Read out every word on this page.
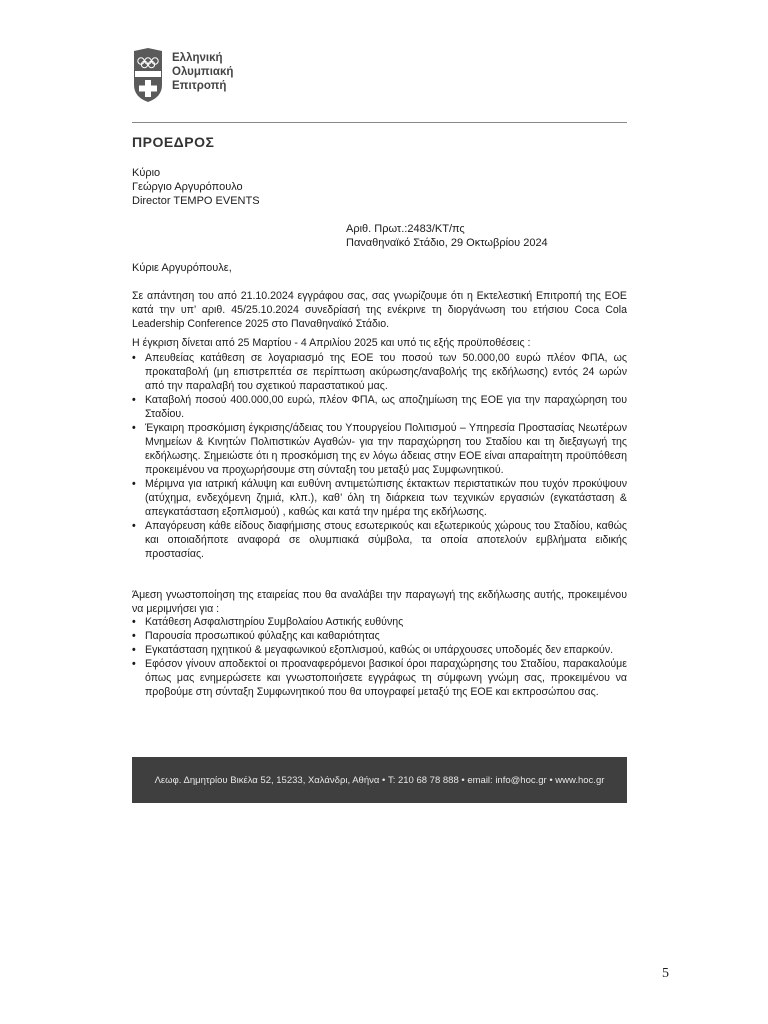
Ελληνική
Ολυμπιακή
Επιτροπή
ΠΡΟΕΔΡΟΣ
Κύριο
Γεώργιο Αργυρόπουλο
Director TEMPO EVENTS
Αριθ. Πρωτ.:2483/ΚΤ/πς
Παναθηναϊκό Στάδιο, 29 Οκτωβρίου 2024
Κύριε Αργυρόπουλε,
Σε απάντηση του από 21.10.2024 εγγράφου σας, σας γνωρίζουμε ότι η Εκτελεστική Επιτροπή της ΕΟΕ κατά την υπ’ αριθ. 45/25.10.2024 συνεδρίασή της ενέκρινε τη διοργάνωση του ετήσιου Coca Cola Leadership Conference 2025 στο Παναθηναϊκό Στάδιο.
Η έγκριση δίνεται από 25 Μαρτίου - 4 Απριλίου 2025 και υπό τις εξής προϋποθέσεις :
• Απευθείας κατάθεση σε λογαριασμό της ΕΟΕ του ποσού των 50.000,00 ευρώ πλέον ΦΠΑ, ως προκαταβολή (μη επιστρεπτέα σε περίπτωση ακύρωσης/αναβολής της εκδήλωσης) εντός 24 ωρών από την παραλαβή του σχετικού παραστατικού μας.
• Καταβολή ποσού 400.000,00 ευρώ, πλέον ΦΠΑ, ως αποζημίωση της ΕΟΕ για την παραχώρηση του Σταδίου.
• Έγκαιρη προσκόμιση έγκρισης/άδειας του Υπουργείου Πολιτισμού – Υπηρεσία Προστασίας Νεωτέρων Μνημείων & Κινητών Πολιτιστικών Αγαθών- για την παραχώρηση του Σταδίου και τη διεξαγωγή της εκδήλωσης. Σημειώστε ότι η προσκόμιση της εν λόγω άδειας στην ΕΟΕ είναι απαραίτητη προϋπόθεση προκειμένου να προχωρήσουμε στη σύνταξη του μεταξύ μας Συμφωνητικού.
• Μέριμνα για ιατρική κάλυψη και ευθύνη αντιμετώπισης έκτακτων περιστατικών που τυχόν προκύψουν (ατύχημα, ενδεχόμενη ζημιά, κλπ.), καθ’ όλη τη διάρκεια των τεχνικών εργασιών (εγκατάσταση & απεγκατάσταση εξοπλισμού) , καθώς και κατά την ημέρα της εκδήλωσης.
• Απαγόρευση κάθε είδους διαφήμισης στους εσωτερικούς και εξωτερικούς χώρους του Σταδίου, καθώς και οποιαδήποτε αναφορά σε ολυμπιακά σύμβολα, τα οποία αποτελούν εμβλήματα ειδικής προστασίας.
Άμεση γνωστοποίηση της εταιρείας που θα αναλάβει την παραγωγή της εκδήλωσης αυτής, προκειμένου να μεριμνήσει για :
• Κατάθεση Ασφαλιστηρίου Συμβολαίου Αστικής ευθύνης
• Παρουσία προσωπικού φύλαξης και καθαριότητας
• Εγκατάσταση ηχητικού & μεγαφωνικού εξοπλισμού, καθώς οι υπάρχουσες υποδομές δεν επαρκούν.
• Εφόσον γίνουν αποδεκτοί οι προαναφερόμενοι βασικοί όροι παραχώρησης του Σταδίου, παρακαλούμε όπως μας ενημερώσετε και γνωστοποιήσετε εγγράφως τη σύμφωνη γνώμη σας, προκειμένου να προβούμε στη σύνταξη Συμφωνητικού που θα υπογραφεί μεταξύ της ΕΟΕ και εκπροσώπου σας.
Λεωφ. Δημητρίου Βικέλα 52, 15233, Χαλάνδρι, Αθήνα • T: 210 68 78 888 • email: info@hoc.gr • www.hoc.gr
5
